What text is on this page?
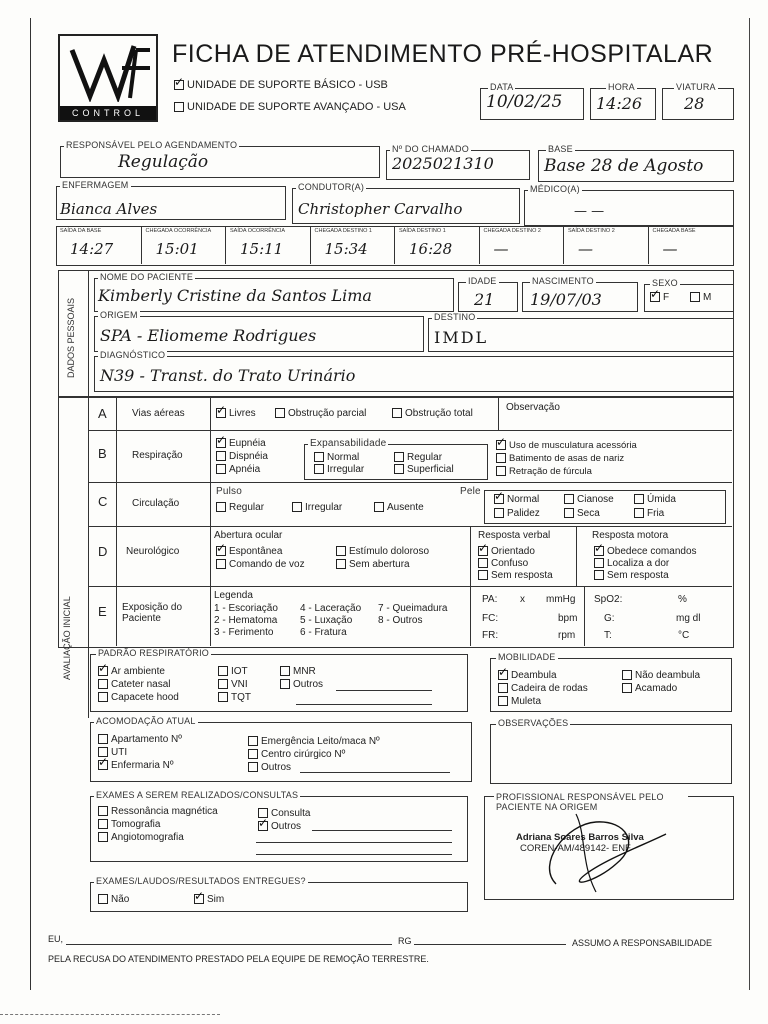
CONTROL
FICHA DE ATENDIMENTO PRÉ-HOSPITALAR
✓UNIDADE DE SUPORTE BÁSICO - USB
UNIDADE DE SUPORTE AVANÇADO - USA
DATA
10/02/25
HORA
14:26
VIATURA
28
RESPONSÁVEL PELO AGENDAMENTO
Regulação
Nº DO CHAMADO
2025021310
BASE
Base 28 de Agosto
ENFERMAGEM
Bianca Alves
CONDUTOR(A)
Christopher Carvalho
MÉDICO(A)
— —
SAÍDA DA BASE
14:27
CHEGADA OCORRÊNCIA
15:01
SAÍDA OCORRÊNCIA
15:11
CHEGADA DESTINO 1
15:34
SAÍDA DESTINO 1
16:28
CHEGADA DESTINO 2
—
SAÍDA DESTINO 2
—
CHEGADA BASE
—
DADOS PESSOAIS
NOME DO PACIENTE
Kimberly Cristine da Santos Lima
IDADE
21
NASCIMENTO
19/07/03
SEXO
✓F	M
ORIGEM
SPA - Eliomeme Rodrigues
DESTINO
IMDL
DIAGNÓSTICO
N39 - Transt. do Trato Urinário
AVALIAÇÃO INICIAL
A	Vias aéreas ✓	Livres	Obstrução parcial	Obstrução total
Observação
B	Respiração
✓Eupnéia
Dispnéia
Apnéia
Expansabilidade
Normal	Regular
Irregular	Superficial
✓Uso de musculatura acessória
Batimento de asas de nariz
Retração de fúrcula
C Circulação
Pulso
Regular	Irregular	Ausente
Pele
✓Normal	Cianose	Úmida
Palidez	Seca	Fria
D Neurológico
Abertura ocular
✓Espontânea	Estímulo doloroso
Comando de voz	Sem abertura
Resposta verbal
✓Orientado
Confuso
Sem resposta
Resposta motora
✓Obedece comandos
Localiza a dor
Sem resposta
E Exposição do Paciente
Legenda
1 - Escoriação
2 - Hematoma
3 - Ferimento
4 - Laceração
5 - Luxação
6 - Fratura
7 - Queimadura
8 - Outros
PA: x mmHg
FC:	bpm
FR:	rpm
SpO2:	%
G:	mg dl
T:	°C
PADRÃO RESPIRATÓRIO
✓Ar ambiente
Cateter nasal
Capacete hood
IOT
VNI
TQT
MNR
Outros
MOBILIDADE
✓Deambula
Cadeira de rodas
Muleta
Não deambula
Acamado
ACOMODAÇÃO ATUAL
Apartamento Nº
UTI
✓Enfermaria Nº
Emergência Leito/maca Nº
Centro cirúrgico Nº
Outros
OBSERVAÇÕES
EXAMES A SEREM REALIZADOS/CONSULTAS
Ressonância magnética
Tomografia
Angiotomografia
Consulta
✓Outros
PROFISSIONAL RESPONSÁVEL PELO PACIENTE NA ORIGEM
Adriana Soares Barros Silva
COREN-AM/489142- ENF
EXAMES/LAUDOS/RESULTADOS ENTREGUES?
Não ✓	Sim
EU,	RG	ASSUMO A RESPONSABILIDADE
PELA RECUSA DO ATENDIMENTO PRESTADO PELA EQUIPE DE REMOÇÃO TERRESTRE.
